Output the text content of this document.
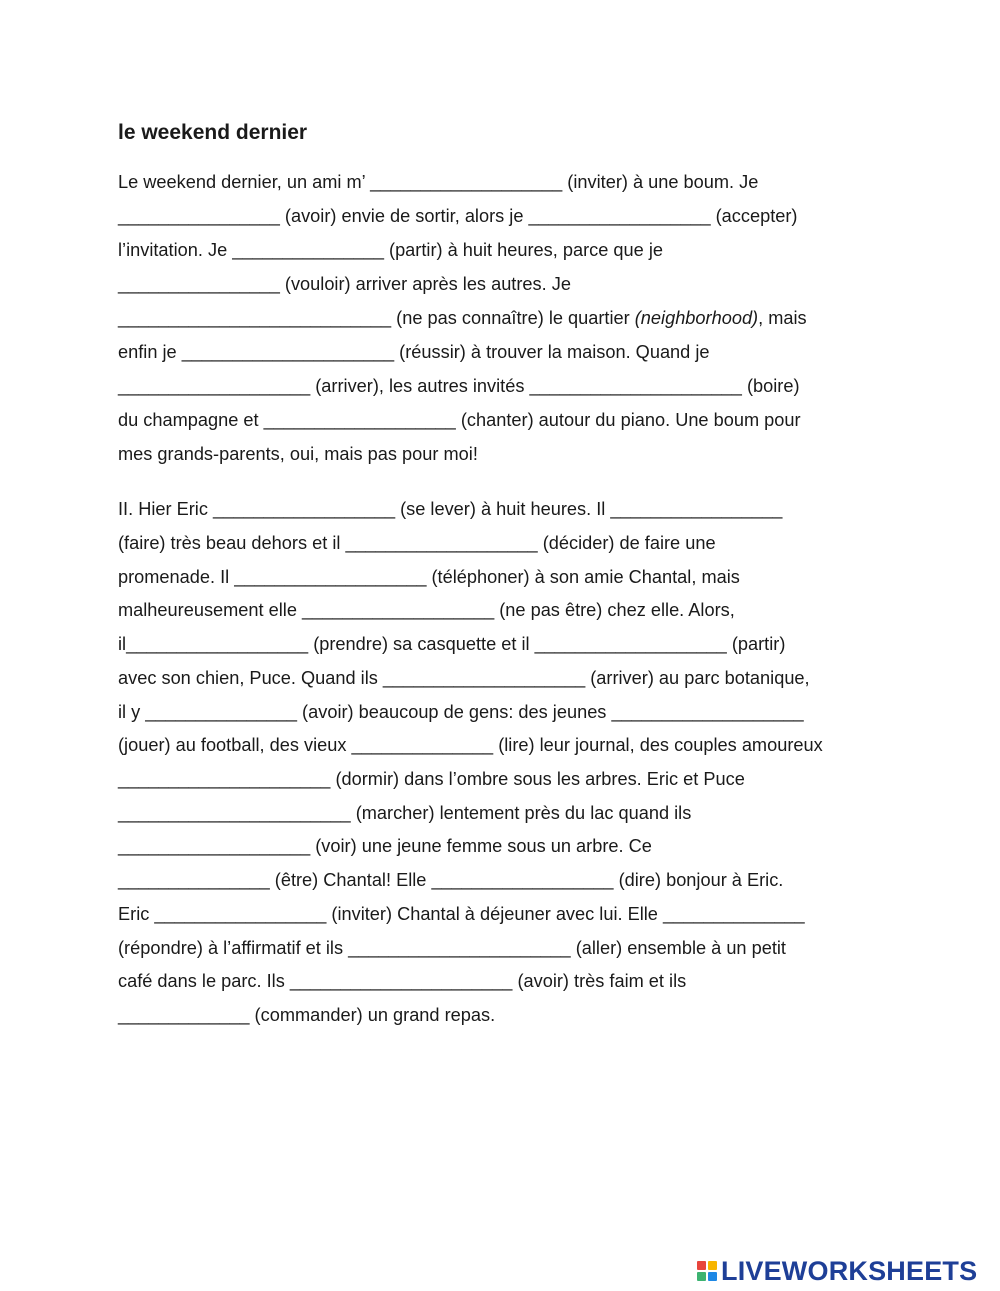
le weekend dernier
Le weekend dernier, un ami m’ ___________________ (inviter) à une boum. Je
________________ (avoir) envie de sortir, alors je __________________ (accepter)
l’invitation. Je _______________ (partir) à huit heures, parce que je
________________ (vouloir) arriver après les autres. Je
___________________________ (ne pas connaître) le quartier (neighborhood), mais
enfin je _____________________ (réussir) à trouver la maison. Quand je
___________________ (arriver), les autres invités _____________________ (boire)
du champagne et ___________________ (chanter) autour du piano. Une boum pour
mes grands-parents, oui, mais pas pour moi!
II. Hier Eric __________________ (se lever) à huit heures. Il _________________
(faire) très beau dehors et il ___________________ (décider) de faire une
promenade. Il ___________________ (téléphoner) à son amie Chantal, mais
malheureusement elle ___________________ (ne pas être) chez elle. Alors,
il__________________ (prendre) sa casquette et il ___________________ (partir)
avec son chien, Puce. Quand ils ____________________ (arriver) au parc botanique,
il y _______________ (avoir) beaucoup de gens: des jeunes ___________________
(jouer) au football, des vieux ______________ (lire) leur journal, des couples amoureux
_____________________ (dormir) dans l’ombre sous les arbres. Eric et Puce
_______________________ (marcher) lentement près du lac quand ils
___________________ (voir) une jeune femme sous un arbre. Ce
_______________ (être) Chantal! Elle __________________ (dire) bonjour à Eric.
Eric _________________ (inviter) Chantal à déjeuner avec lui. Elle ______________
(répondre) à l’affirmatif et ils ______________________ (aller) ensemble à un petit
café dans le parc. Ils ______________________ (avoir) très faim et ils
_____________ (commander) un grand repas.
LIVEWORKSHEETS
